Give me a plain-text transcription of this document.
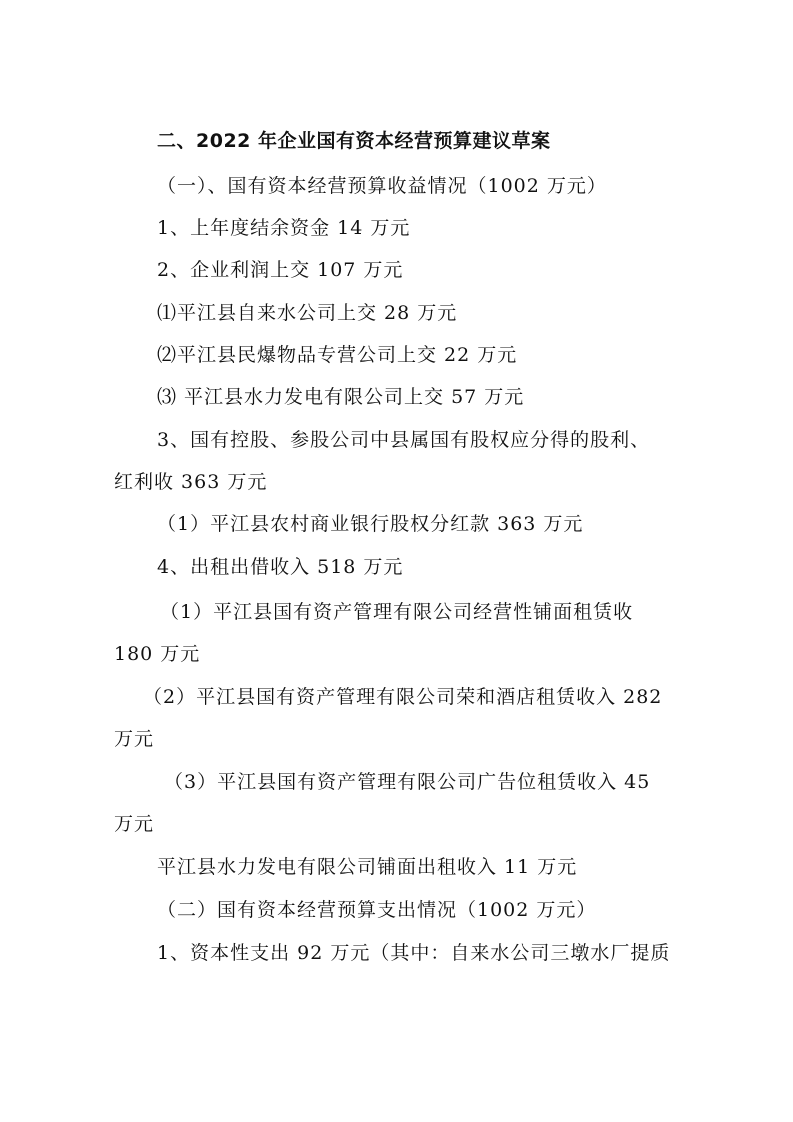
二、2022 年企业国有资本经营预算建议草案
（一）、国有资本经营预算收益情况（1002 万元）
1、上年度结余资金 14 万元
2、企业利润上交 107 万元
⑴平江县自来水公司上交 28 万元
⑵平江县民爆物品专营公司上交 22 万元
⑶ 平江县水力发电有限公司上交 57 万元
3、国有控股、参股公司中县属国有股权应分得的股利、
红利收 363 万元
（1）平江县农村商业银行股权分红款 363 万元
4、出租出借收入 518 万元
（1）平江县国有资产管理有限公司经营性铺面租赁收
180 万元
（2）平江县国有资产管理有限公司荣和酒店租赁收入 282
万元
（3）平江县国有资产管理有限公司广告位租赁收入 45
万元
平江县水力发电有限公司铺面出租收入 11 万元
（二）国有资本经营预算支出情况（1002 万元）
1、资本性支出 92 万元（其中：自来水公司三墩水厂提质
